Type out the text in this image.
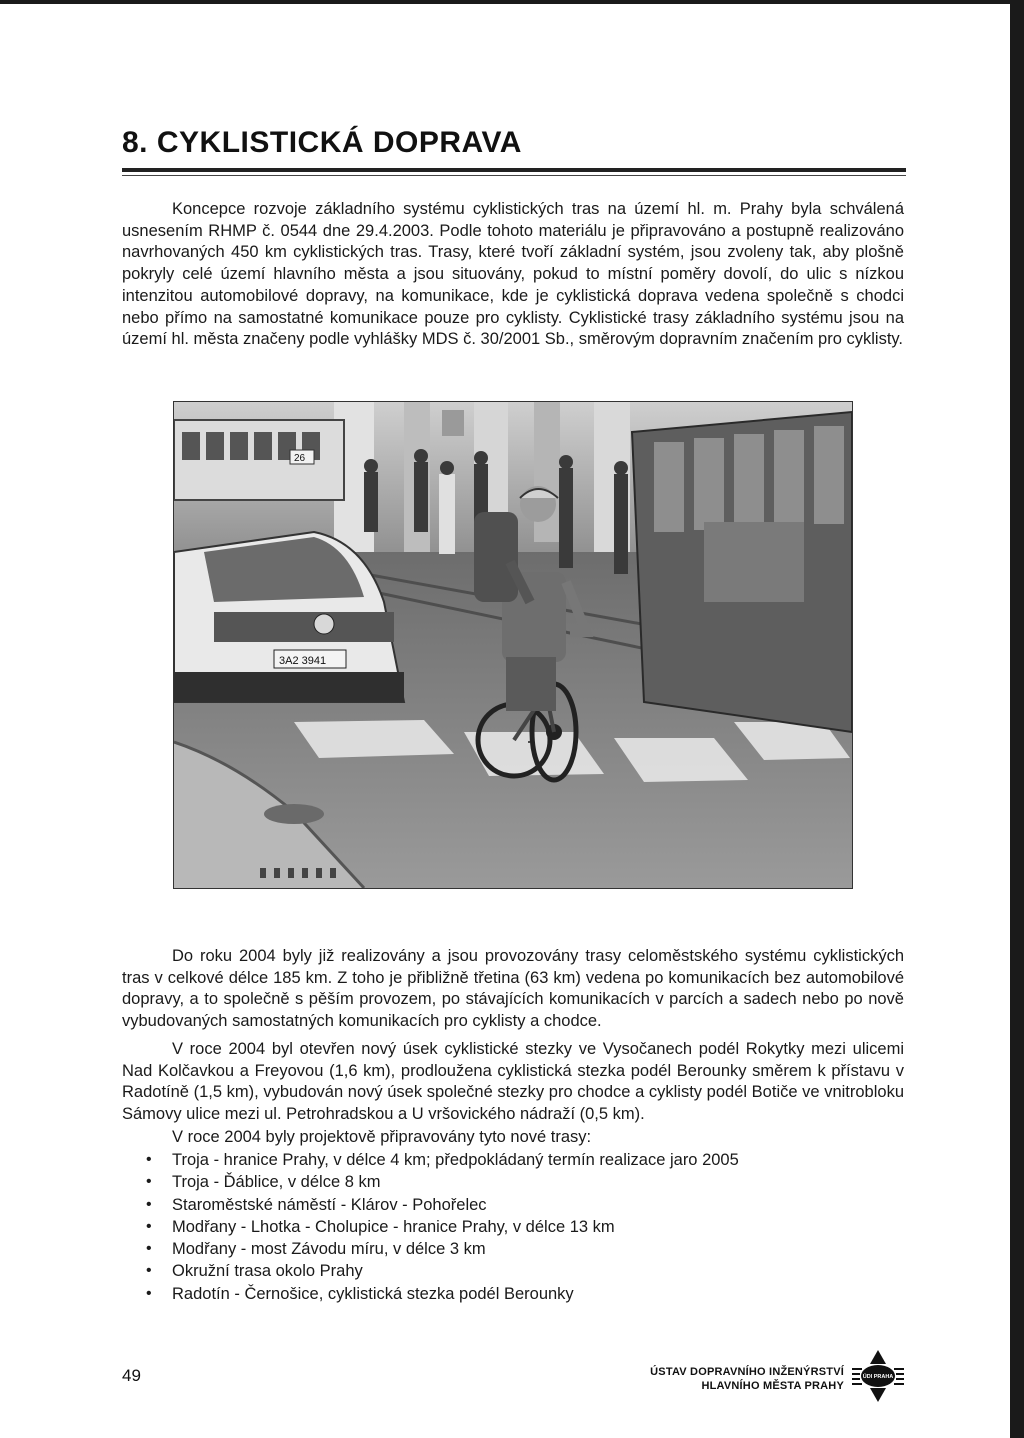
8. CYKLISTICKÁ DOPRAVA

Koncepce rozvoje základního systému cyklistických tras na území hl. m. Prahy byla schválená usnesením RHMP č. 0544 dne 29.4.2003. Podle tohoto materiálu je připravováno a postupně realizováno navrhovaných 450 km cyklistických tras. Trasy, které tvoří základní systém, jsou zvoleny tak, aby plošně pokryly celé území hlavního města a jsou situovány, pokud to místní poměry dovolí, do ulic s nízkou intenzitou automobilové dopravy, na komunikace, kde je cyklistická doprava vedena společně s chodci nebo přímo na samostatné komunikace pouze pro cyklisty. Cyklistické trasy základního systému jsou na území hl. města značeny podle vyhlášky MDS č. 30/2001 Sb., směrovým dopravním značením pro cyklisty.

26
3A2 3941

Do roku 2004 byly již realizovány a jsou provozovány trasy celoměstského systému cyklistických tras v celkové délce 185 km. Z toho je přibližně třetina (63 km) vedena po komunikacích bez automobilové dopravy, a to společně s pěším provozem, po stávajících komunikacích v parcích a sadech nebo po nově vybudovaných samostatných komunikacích pro cyklisty a chodce.

V roce 2004 byl otevřen nový úsek cyklistické stezky ve Vysočanech podél Rokytky mezi ulicemi Nad Kolčavkou a Freyovou (1,6 km), prodloužena cyklistická stezka podél Berounky směrem k přístavu v Radotíně (1,5 km), vybudován nový úsek společné stezky pro chodce a cyklisty podél Botiče ve vnitrobloku Sámovy ulice mezi ul. Petrohradskou a U vršovického nádraží (0,5 km).

V roce 2004 byly projektově připravovány tyto nové trasy:

• Troja - hranice Prahy, v délce 4 km; předpokládaný termín realizace jaro 2005
• Troja - Ďáblice, v délce 8 km
• Staroměstské náměstí - Klárov - Pohořelec
• Modřany - Lhotka - Cholupice - hranice Prahy, v délce 13 km
• Modřany - most Závodu míru, v délce 3 km
• Okružní trasa okolo Prahy
• Radotín - Černošice, cyklistická stezka podél Berounky
49	ÚSTAV DOPRAVNÍHO INŽENÝRSTVÍ
HLAVNÍHO MĚSTA PRAHY
ÚDI PRAHA
